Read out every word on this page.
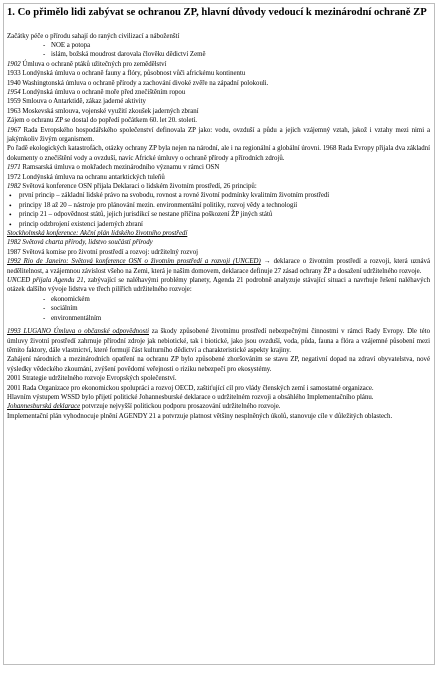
1. Co přimělo lidi zabývat se ochranou ZP, hlavní důvody vedoucí k mezinárodní ochraně ZP
Začátky péče o přírodu sahají do raných civilizací a náboženští
- NOE a potopa
- islám, božská moudrost darovala člověku dědictví Země
1902 Úmluva o ochraně ptáků užitečných pro zemědělství
1933 Londýnská úmluva o ochraně fauny a flóry, působnost vůči africkému kontinentu
1940 Washingtonská úmluva o ochraně přírody a zachování divoké zvěře na západní polokouli.
1954 Londýnská úmluva o ochraně moře před znečištěním ropou
1959 Smlouva o Antarktidě, zákaz jaderné aktivity
1963 Moskevská smlouva, vojenské využití zkoušek jaderných zbraní
Zájem o ochranu ZP se dostal do popředí počátkem 60. let 20. století.
1967 Rada Evropského hospodářského společenství definovala ZP jako: vodu, ovzduší a půdu a jejich vzájemný vztah, jakož i vztahy mezi nimi a jakýmkoliv živým organismem.
Po řadě ekologických katastrofách, otázky ochrany ZP byla nejen na národní, ale i na regionální a globální úrovni. 1968 Rada Evropy přijala dva základní dokumenty o znečištění vody a ovzduší, navíc Africké úmluvy o ochraně přírody a přírodních zdrojů.
1971 Ramsarská úmluva o mokřadech mezinárodního významu v rámci OSN
1972 Londýnská úmluva na ochranu antarktických tuleňů
1982 Světová konference OSN přijala Deklaraci o lidském životním prostředí, 26 principů:
• první princip – základní lidské právo na svobodu, rovnost a rovné životní podmínky kvalitním životním prostředí
• principy 18 až 20 – nástroje pro plánování mezin. environmentální politiky, rozvoj vědy a technologií
• princip 21 – odpovědnost států, jejich jurisdikcí se nestane příčina poškození ŽP jiných států
• princip odzbrojení existenci jaderných zbraní
Stockholmská konference: Akční plán lidského životního prostředí
1982 Světová charta přírody, lidstvo součástí přírody
1987 Světová komise pro životní prostředí a rozvoj: udržitelný rozvoj
1992 Rio de Janeiro: Světová konference OSN o životním prostředí a rozvoji (UNCED) → deklarace o životním prostředí a rozvoji, která uznává nedělitelnost, a vzájemnou závislost všeho na Zemi, která je naším domovem, deklarace definuje 27 zásad ochrany ŽP a dosažení udržitelného rozvoje.
UNCED přijala Agendu 21, zabývající se naléhavými problémy planety, Agenda 21 podrobně analyzuje stávající situaci a navrhuje řešení naléhavých otázek dalšího vývoje lidstva ve třech pilířích udržitelného rozvoje:
- ekonomickém
- sociálním
- environmentálním
1993 LUGANO Úmluva o občanské odpovědnosti za škody způsobené životnímu prostředí nebezpečnými činnostmi v rámci Rady Evropy. Dle této úmluvy životní prostředí zahrnuje přírodní zdroje jak nebiotické, tak i biotické, jako jsou ovzduší, voda, půda, fauna a flóra a vzájemné působení mezi těmito faktory, dále vlastnictví, které formují část kulturního dědictví a charakteristické aspekty krajiny.
Zahájení národních a mezinárodních opatření na ochranu ZP bylo způsobené zhoršováním se stavu ZP, negativní dopad na zdraví obyvatelstva, nové výsledky vědeckého zkoumání, zvýšení povědomí veřejnosti o riziku nebezpečí pro ekosystémy.
2001 Strategie udržitelného rozvoje Evropských společenství.
2001 Rada Organizace pro ekonomickou spolupráci a rozvoj OECD, zaštiťující cíl pro vlády členských zemí i samostatné organizace.
Hlavním výstupem WSSD bylo přijetí politické Johannesburské deklarace o udržitelném rozvoji a obsáhlého Implementačního plánu.
Johannesburská deklarace potvrzuje nejvyšší politickou podporu prosazování udržitelného rozvoje.
Implementační plán vyhodnocuje plnění AGENDY 21 a potvrzuje platnost většiny nesplněných úkolů, stanovuje cíle v důležitých oblastech.
